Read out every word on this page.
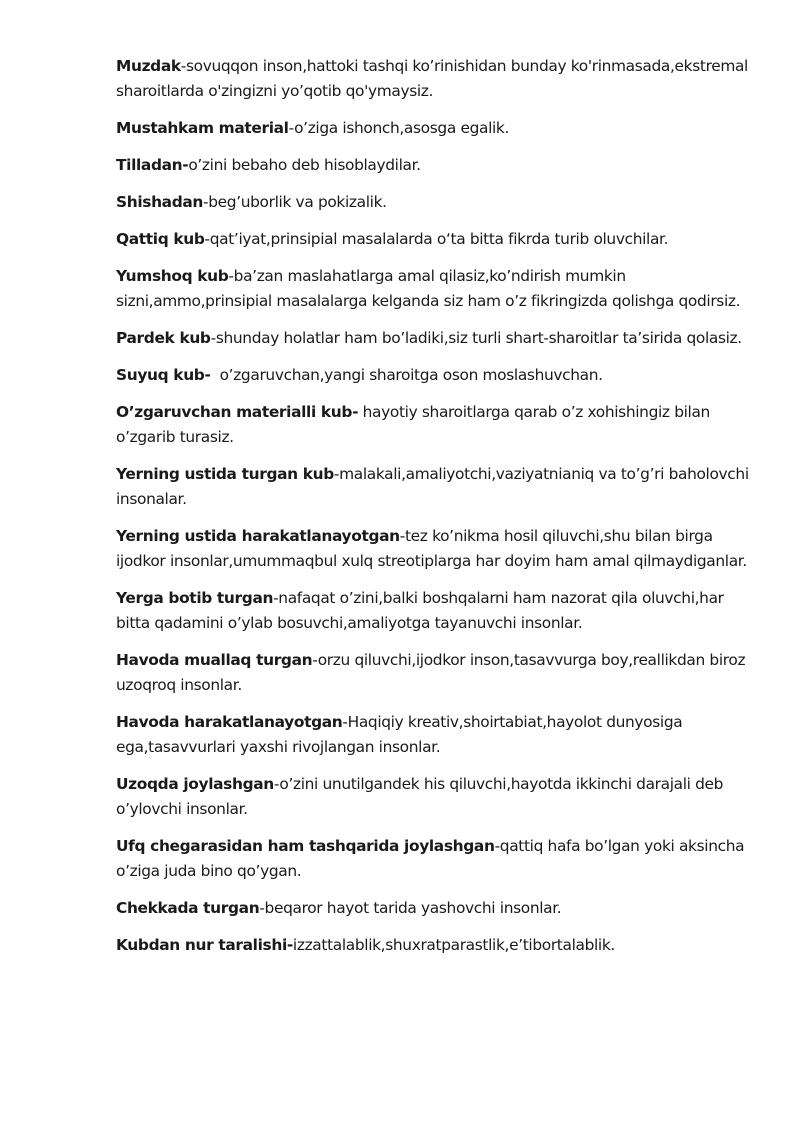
Muzdak-sovuqqon inson,hattoki tashqi ko’rinishidan bunday ko'rinmasada,ekstremal sharoitlarda o'zingizni yo’qotib qo'ymaysiz.

Mustahkam material-o’ziga ishonch,asosga egalik.

Tilladan-o’zini bebaho deb hisoblaydilar.

Shishadan-beg’uborlik va pokizalik.

Qattiq kub-qat’iyat,prinsipial masalalarda o‘ta bitta fikrda turib oluvchilar.

Yumshoq kub-ba’zan maslahatlarga amal qilasiz,ko’ndirish mumkin sizni,ammo,prinsipial masalalarga kelganda siz ham o’z fikringizda qolishga qodirsiz.

Pardek kub-shunday holatlar ham bo’ladiki,siz turli shart-sharoitlar ta’sirida qolasiz.

Suyuq kub-  o’zgaruvchan,yangi sharoitga oson moslashuvchan.

O’zgaruvchan materialli kub- hayotiy sharoitlarga qarab o’z xohishingiz bilan o’zgarib turasiz.

Yerning ustida turgan kub-malakali,amaliyotchi,vaziyatnianiq va to’g’ri baholovchi insonalar.

Yerning ustida harakatlanayotgan-tez ko’nikma hosil qiluvchi,shu bilan birga ijodkor insonlar,umummaqbul xulq streotiplarga har doyim ham amal qilmaydiganlar.

Yerga botib turgan-nafaqat o’zini,balki boshqalarni ham nazorat qila oluvchi,har bitta qadamini o’ylab bosuvchi,amaliyotga tayanuvchi insonlar.

Havoda muallaq turgan-orzu qiluvchi,ijodkor inson,tasavvurga boy,reallikdan biroz uzoqroq insonlar.

Havoda harakatlanayotgan-Haqiqiy kreativ,shoirtabiat,hayolot dunyosiga ega,tasavvurlari yaxshi rivojlangan insonlar.

Uzoqda joylashgan-o’zini unutilgandek his qiluvchi,hayotda ikkinchi darajali deb o’ylovchi insonlar.

Ufq chegarasidan ham tashqarida joylashgan-qattiq hafa bo’lgan yoki aksincha o’ziga juda bino qo’ygan.

Chekkada turgan-beqaror hayot tarida yashovchi insonlar.

Kubdan nur taralishi-izzattalablik,shuxratparastlik,e’tibortalablik.
